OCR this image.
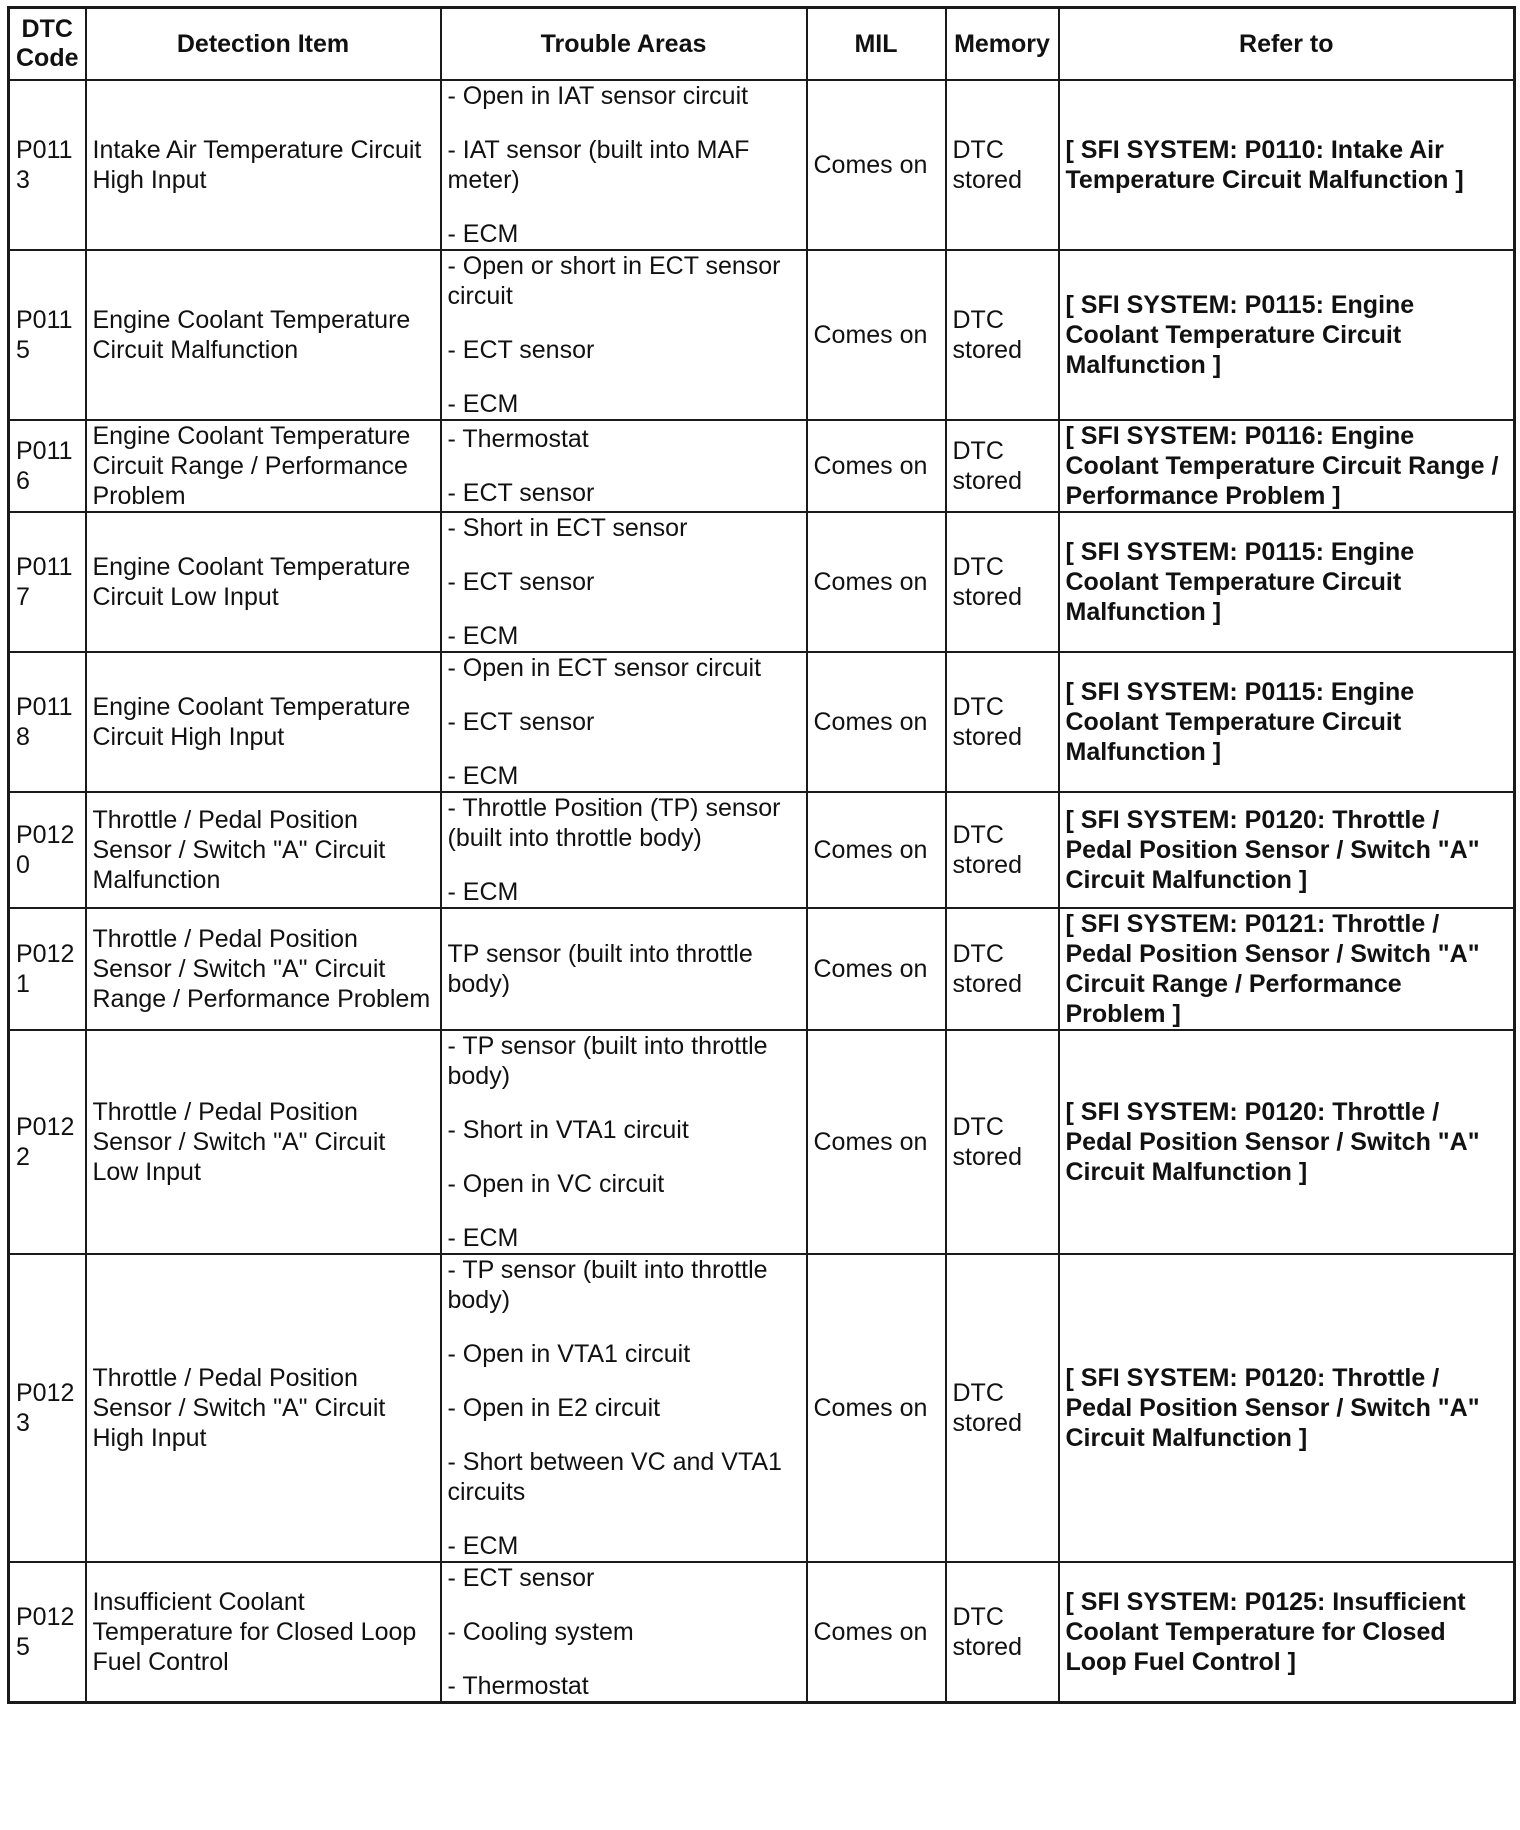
DTC Code	Detection Item	Trouble Areas	MIL	Memory	Refer to
P0113	Intake Air Temperature Circuit High Input	- Open in IAT sensor circuit
- IAT sensor (built into MAF meter)
- ECM	Comes on	DTC stored	[ SFI SYSTEM: P0110: Intake Air Temperature Circuit Malfunction ]
P0115	Engine Coolant Temperature Circuit Malfunction	- Open or short in ECT sensor circuit
- ECT sensor
- ECM	Comes on	DTC stored	[ SFI SYSTEM: P0115: Engine Coolant Temperature Circuit Malfunction ]
P0116	Engine Coolant Temperature Circuit Range / Performance Problem	- Thermostat
- ECT sensor	Comes on	DTC stored	[ SFI SYSTEM: P0116: Engine Coolant Temperature Circuit Range / Performance Problem ]
P0117	Engine Coolant Temperature Circuit Low Input	- Short in ECT sensor
- ECT sensor
- ECM	Comes on	DTC stored	[ SFI SYSTEM: P0115: Engine Coolant Temperature Circuit Malfunction ]
P0118	Engine Coolant Temperature Circuit High Input	- Open in ECT sensor circuit
- ECT sensor
- ECM	Comes on	DTC stored	[ SFI SYSTEM: P0115: Engine Coolant Temperature Circuit Malfunction ]
P0120	Throttle / Pedal Position Sensor / Switch "A" Circuit Malfunction	- Throttle Position (TP) sensor (built into throttle body)
- ECM	Comes on	DTC stored	[ SFI SYSTEM: P0120: Throttle / Pedal Position Sensor / Switch "A" Circuit Malfunction ]
P0121	Throttle / Pedal Position Sensor / Switch "A" Circuit Range / Performance Problem	TP sensor (built into throttle body)	Comes on	DTC stored	[ SFI SYSTEM: P0121: Throttle / Pedal Position Sensor / Switch "A" Circuit Range / Performance Problem ]
P0122	Throttle / Pedal Position Sensor / Switch "A" Circuit Low Input	- TP sensor (built into throttle body)
- Short in VTA1 circuit
- Open in VC circuit
- ECM	Comes on	DTC stored	[ SFI SYSTEM: P0120: Throttle / Pedal Position Sensor / Switch "A" Circuit Malfunction ]
P0123	Throttle / Pedal Position Sensor / Switch "A" Circuit High Input	- TP sensor (built into throttle body)
- Open in VTA1 circuit
- Open in E2 circuit
- Short between VC and VTA1 circuits
- ECM	Comes on	DTC stored	[ SFI SYSTEM: P0120: Throttle / Pedal Position Sensor / Switch "A" Circuit Malfunction ]
P0125	Insufficient Coolant Temperature for Closed Loop Fuel Control	- ECT sensor
- Cooling system
- Thermostat	Comes on	DTC stored	[ SFI SYSTEM: P0125: Insufficient Coolant Temperature for Closed Loop Fuel Control ]
